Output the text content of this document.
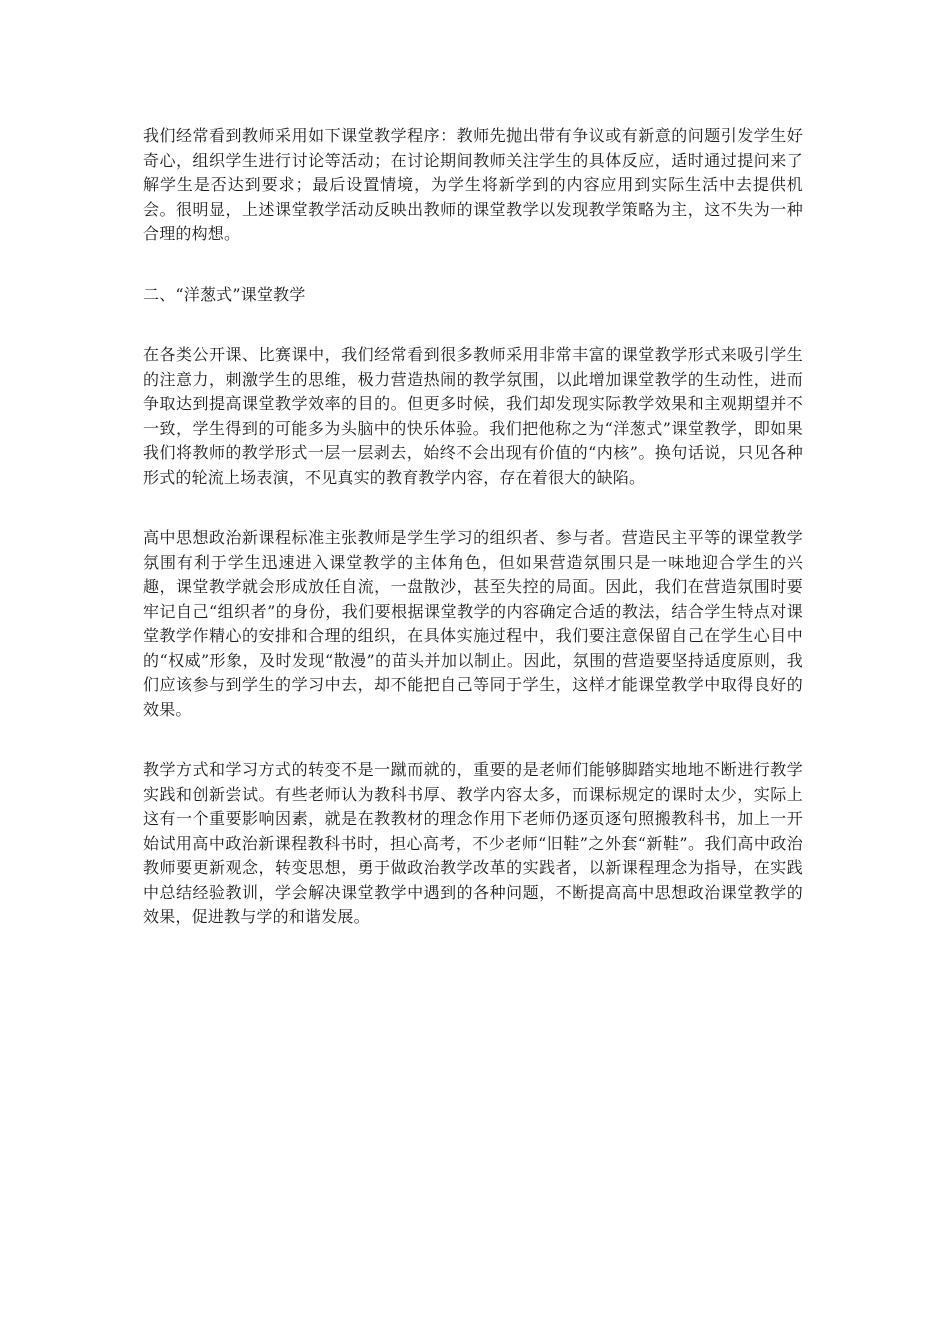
我们经常看到教师采用如下课堂教学程序：教师先抛出带有争议或有新意的问题引发学生好奇心，组织学生进行讨论等活动；在讨论期间教师关注学生的具体反应，适时通过提问来了解学生是否达到要求；最后设置情境，为学生将新学到的内容应用到实际生活中去提供机会。很明显，上述课堂教学活动反映出教师的课堂教学以发现教学策略为主，这不失为一种合理的构想。

二、“洋葱式”课堂教学

在各类公开课、比赛课中，我们经常看到很多教师采用非常丰富的课堂教学形式来吸引学生的注意力，刺激学生的思维，极力营造热闹的教学氛围，以此增加课堂教学的生动性，进而争取达到提高课堂教学效率的目的。但更多时候，我们却发现实际教学效果和主观期望并不一致，学生得到的可能多为头脑中的快乐体验。我们把他称之为“洋葱式”课堂教学，即如果我们将教师的教学形式一层一层剥去，始终不会出现有价值的“内核”。换句话说，只见各种形式的轮流上场表演，不见真实的教育教学内容，存在着很大的缺陷。

高中思想政治新课程标准主张教师是学生学习的组织者、参与者。营造民主平等的课堂教学氛围有利于学生迅速进入课堂教学的主体角色，但如果营造氛围只是一味地迎合学生的兴趣，课堂教学就会形成放任自流，一盘散沙，甚至失控的局面。因此，我们在营造氛围时要牢记自己“组织者”的身份，我们要根据课堂教学的内容确定合适的教法，结合学生特点对课堂教学作精心的安排和合理的组织，在具体实施过程中，我们要注意保留自己在学生心目中的“权威”形象，及时发现“散漫”的苗头并加以制止。因此，氛围的营造要坚持适度原则，我们应该参与到学生的学习中去，却不能把自己等同于学生，这样才能课堂教学中取得良好的效果。

教学方式和学习方式的转变不是一蹴而就的，重要的是老师们能够脚踏实地地不断进行教学实践和创新尝试。有些老师认为教科书厚、教学内容太多，而课标规定的课时太少，实际上这有一个重要影响因素，就是在教教材的理念作用下老师仍逐页逐句照搬教科书，加上一开始试用高中政治新课程教科书时，担心高考，不少老师“旧鞋”之外套“新鞋”。我们高中政治教师要更新观念，转变思想，勇于做政治教学改革的实践者，以新课程理念为指导，在实践中总结经验教训，学会解决课堂教学中遇到的各种问题，不断提高高中思想政治课堂教学的效果，促进教与学的和谐发展。
